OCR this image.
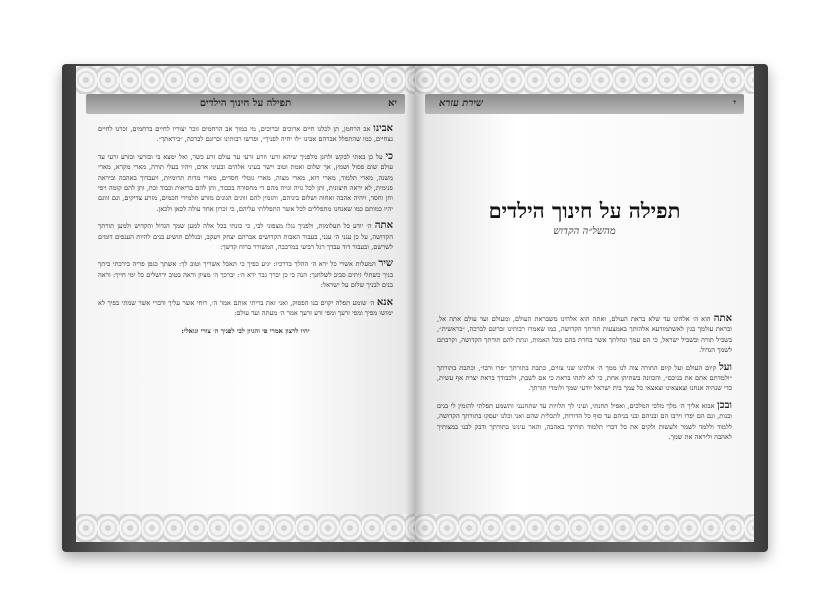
תפילה על חינוך הילדים	יא

אבינו אב הרחמן, תן לכלנו חיים ארוכים וברוכים, מי כמוך אב הרחמים זוכר יצוריו לחיים ברחמים, זכרנו לחיים נצחיים, כמו שהתפלל אברהם אבינו ״לו יחיה לפניך״, ופרשו רבותינו זכרונם לברכה, ״ביראתך״.

כי על כן באתי לבקש ולחנן מלפניך שיהא זרעי וזרע זרעי עד עולם זרע כשר, ואל ימצא בי ובזרעי ובזרע זרעי עד עולם שום פסול ושמץ, אך שלום ואמת וטוב וישר בעיני אלהים ובעיני אדם, ויהיו בעלי תורה, מארי מקרא, מארי משנה, מארי תלמוד, מארי רזא, מארי מצוה, מארי גומלי חסדים, מארי מדות תרומיות, ויעבדוך באהבה וביראה פנימית, לא יראה חיצונית, ותן לכל גויה וגויה מהם די מחסורה בכבוד, ותן להם בריאות וכבוד וכח, ותן להם קומה ויפי וחן וחסד, ויהיה אהבה ואחוה ושלום ביניהם, ותזמין להם זווגים הגונים מזרע תלמידי חכמים, מזרע צדיקים, וגם זווגם יהיו כמותם כמו שאנחנו מתפללים לכל אשר התפללתי עליהם, כי זכרון אחד עולה לכאן ולכאן.

אתה ה׳ יודע כל תעלומות, ולפניך נגלו מצפוני לבי, כי כונתי בכל אלה למען שמך הגדול והקדוש ולמען תורתך הקדושה, על כן ענני ה׳ ענני, בעבור האבות הקדושים אברהם יצחק ויעקב, ובגללם תושיע בנים להיות הענפים דומים לשרשם, ובעבור דוד עבדך רגל רביעי במרכבה, המשורר ברוח קדשך:

שיר המעלות אשרי כל ירא ה׳ ההלך בדרכיו: יגיע כפיך כי תאכל אשריך וטוב לך: אשתך כגפן פריה בירכתי ביתך בניך כשתלי זיתים סביב לשלחנך: הנה כי כן יברך גבר ירא ה׳: יברכך ה׳ מציון וראה בטוב ירושלים כל ימי חייך: וראה בנים לבניך שלום על ישראל:

אנא ה׳ שומע תפלה יקוים בנו הפסוק, ואני זאת בריתי אותם אמר ה׳, רוחי אשר עליך ודברי אשר שמתי בפיך לא ימושו מפיך ומפי זרעך ומפי זרע זרעך אמר ה׳ מעתה ועד עולם:

יהיו לרצון אמרי פי והגיון לבי לפניך ה׳ צורי וגואלי:

שירת עזרא	י
תפילה על חינוך הילדים
מהשל״ה הקדוש

אתה הוא ה׳ אלהינו עד שלא בראת העולם, ואתה הוא אלהינו משבראת העולם, ומעולם ועד עולם אתה אל, ובראת עולמך בגין לאשתמודעא אלהותך באמצעות תורתך הקדושה, כמו שאמרו רבותינו זכרונם לברכה, ״בראשית״, בשביל תורה ובשביל ישראל, כי הם עמך ונחלתך אשר בחרת בהם מכל האמות, ונתת להם תורתך הקדושה, וקרבתם לשמך הגדול.

ועל קיום העולם ועל קיום התורה צוה לנו ממך ה׳ אלהינו שני צווים, כתבת בתורתך ״פרו ורבו״, וכתבת בתורתך ״ולמדתם אתם את בניכם״, והכוונה בשתיהן אחת, כי לא לתהו בראת כי אם לשבת, ולכבודך בראת יצרת אף עשית, כדי שנהיה אנחנו וצאצאינו וצאצאי כל עמך בית ישראל יודעי שמך ולומדי תורתך.

ובכן אבוא אליך ה׳ מלך מלכי המלכים, ואפיל תחנתי, ועיני לך תלויות עד שתחננני ותשמע תפלתי להזמין לי בנים ובנות, וגם הם יפרו וירבו הם ובניהם ובני בניהם עד סוף כל הדורות, לתכלית שהם ואני וכלנו יעסקו בתורתך הקדושה, ללמוד וללמד לשמר ולעשות ולקים את כל דברי תלמוד תורתך באהבה, והאר עינינו בתורתך ודבק לבנו במצותיך לאהבה וליראה את שמך.
